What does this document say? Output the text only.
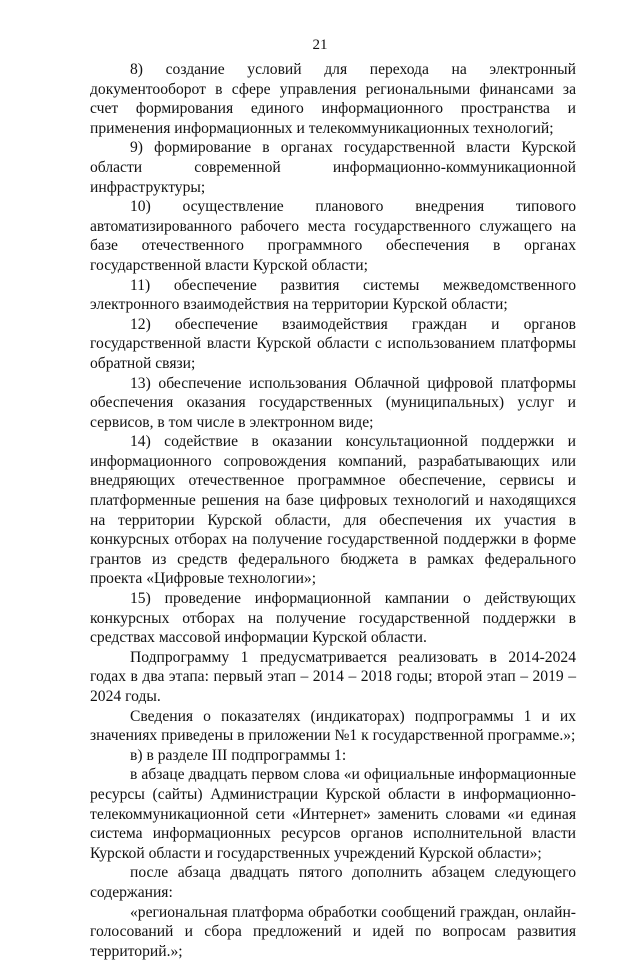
21

8) создание условий для перехода на электронный документооборот в сфере управления региональными финансами за счет формирования единого информационного пространства и применения информационных и телекоммуникационных технологий;

9) формирование в органах государственной власти Курской области современной информационно-коммуникационной инфраструктуры;

10) осуществление планового внедрения типового автоматизированного рабочего места государственного служащего на базе отечественного программного обеспечения в органах государственной власти Курской области;

11) обеспечение развития системы межведомственного электронного взаимодействия на территории Курской области;

12) обеспечение взаимодействия граждан и органов государственной власти Курской области с использованием платформы обратной связи;

13) обеспечение использования Облачной цифровой платформы обеспечения оказания государственных (муниципальных) услуг и сервисов, в том числе в электронном виде;

14) содействие в оказании консультационной поддержки и информационного сопровождения компаний, разрабатывающих или внедряющих отечественное программное обеспечение, сервисы и платформенные решения на базе цифровых технологий и находящихся на территории Курской области, для обеспечения их участия в конкурсных отборах на получение государственной поддержки в форме грантов из средств федерального бюджета в рамках федерального проекта «Цифровые технологии»;

15) проведение информационной кампании о действующих конкурсных отборах на получение государственной поддержки в средствах массовой информации Курской области.

Подпрограмму 1 предусматривается реализовать в 2014-2024 годах в два этапа: первый этап – 2014 – 2018 годы; второй этап – 2019 – 2024 годы.

Сведения о показателях (индикаторах) подпрограммы 1 и их значениях приведены в приложении №1 к государственной программе.»;

в) в разделе III подпрограммы 1:

в абзаце двадцать первом слова «и официальные информационные ресурсы (сайты) Администрации Курской области в информационно-телекоммуникационной сети «Интернет» заменить словами «и единая система информационных ресурсов органов исполнительной власти Курской области и государственных учреждений Курской области»;

после абзаца двадцать пятого дополнить абзацем следующего содержания:

«региональная платформа обработки сообщений граждан, онлайн-голосований и сбора предложений и идей по вопросам развития территорий.»;
